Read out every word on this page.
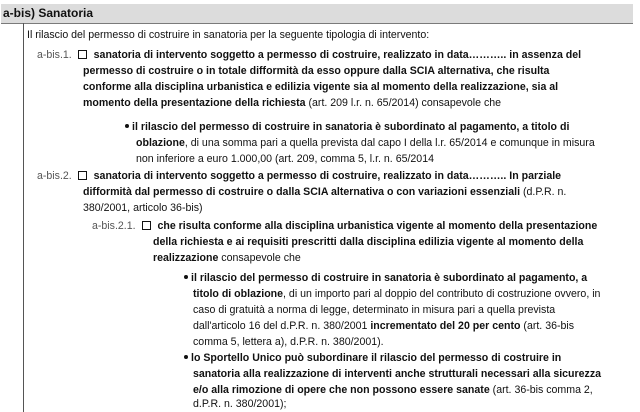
a-bis) Sanatoria
Il rilascio del permesso di costruire in sanatoria per la seguente tipologia di intervento:
a-bis.1. sanatoria di intervento soggetto a permesso di costruire, realizzato in data……….. in assenza del
permesso di costruire o in totale difformità da esso oppure dalla SCIA alternativa, che risulta
conforme alla disciplina urbanistica e edilizia vigente sia al momento della realizzazione, sia al
momento della presentazione della richiesta (art. 209 l.r. n. 65/2014) consapevole che
il rilascio del permesso di costruire in sanatoria è subordinato al pagamento, a titolo di
oblazione, di una somma pari a quella prevista dal capo I della l.r. 65/2014 e comunque in misura
non inferiore a euro 1.000,00 (art. 209, comma 5, l.r. n. 65/2014
a-bis.2. sanatoria di intervento soggetto a permesso di costruire, realizzato in data……….. In parziale
difformità dal permesso di costruire o dalla SCIA alternativa o con variazioni essenziali (d.P.R. n.
380/2001, articolo 36-bis)
a-bis.2.1. che risulta conforme alla disciplina urbanistica vigente al momento della presentazione
della richiesta e ai requisiti prescritti dalla disciplina edilizia vigente al momento della
realizzazione consapevole che
il rilascio del permesso di costruire in sanatoria è subordinato al pagamento, a
titolo di oblazione, di un importo pari al doppio del contributo di costruzione ovvero, in
caso di gratuità a norma di legge, determinato in misura pari a quella prevista
dall'articolo 16 del d.P.R. n. 380/2001 incrementato del 20 per cento (art. 36-bis
comma 5, lettera a), d.P.R. n. 380/2001).
lo Sportello Unico può subordinare il rilascio del permesso di costruire in
sanatoria alla realizzazione di interventi anche strutturali necessari alla sicurezza
e/o alla rimozione di opere che non possono essere sanate (art. 36-bis comma 2,
d.P.R. n. 380/2001);
